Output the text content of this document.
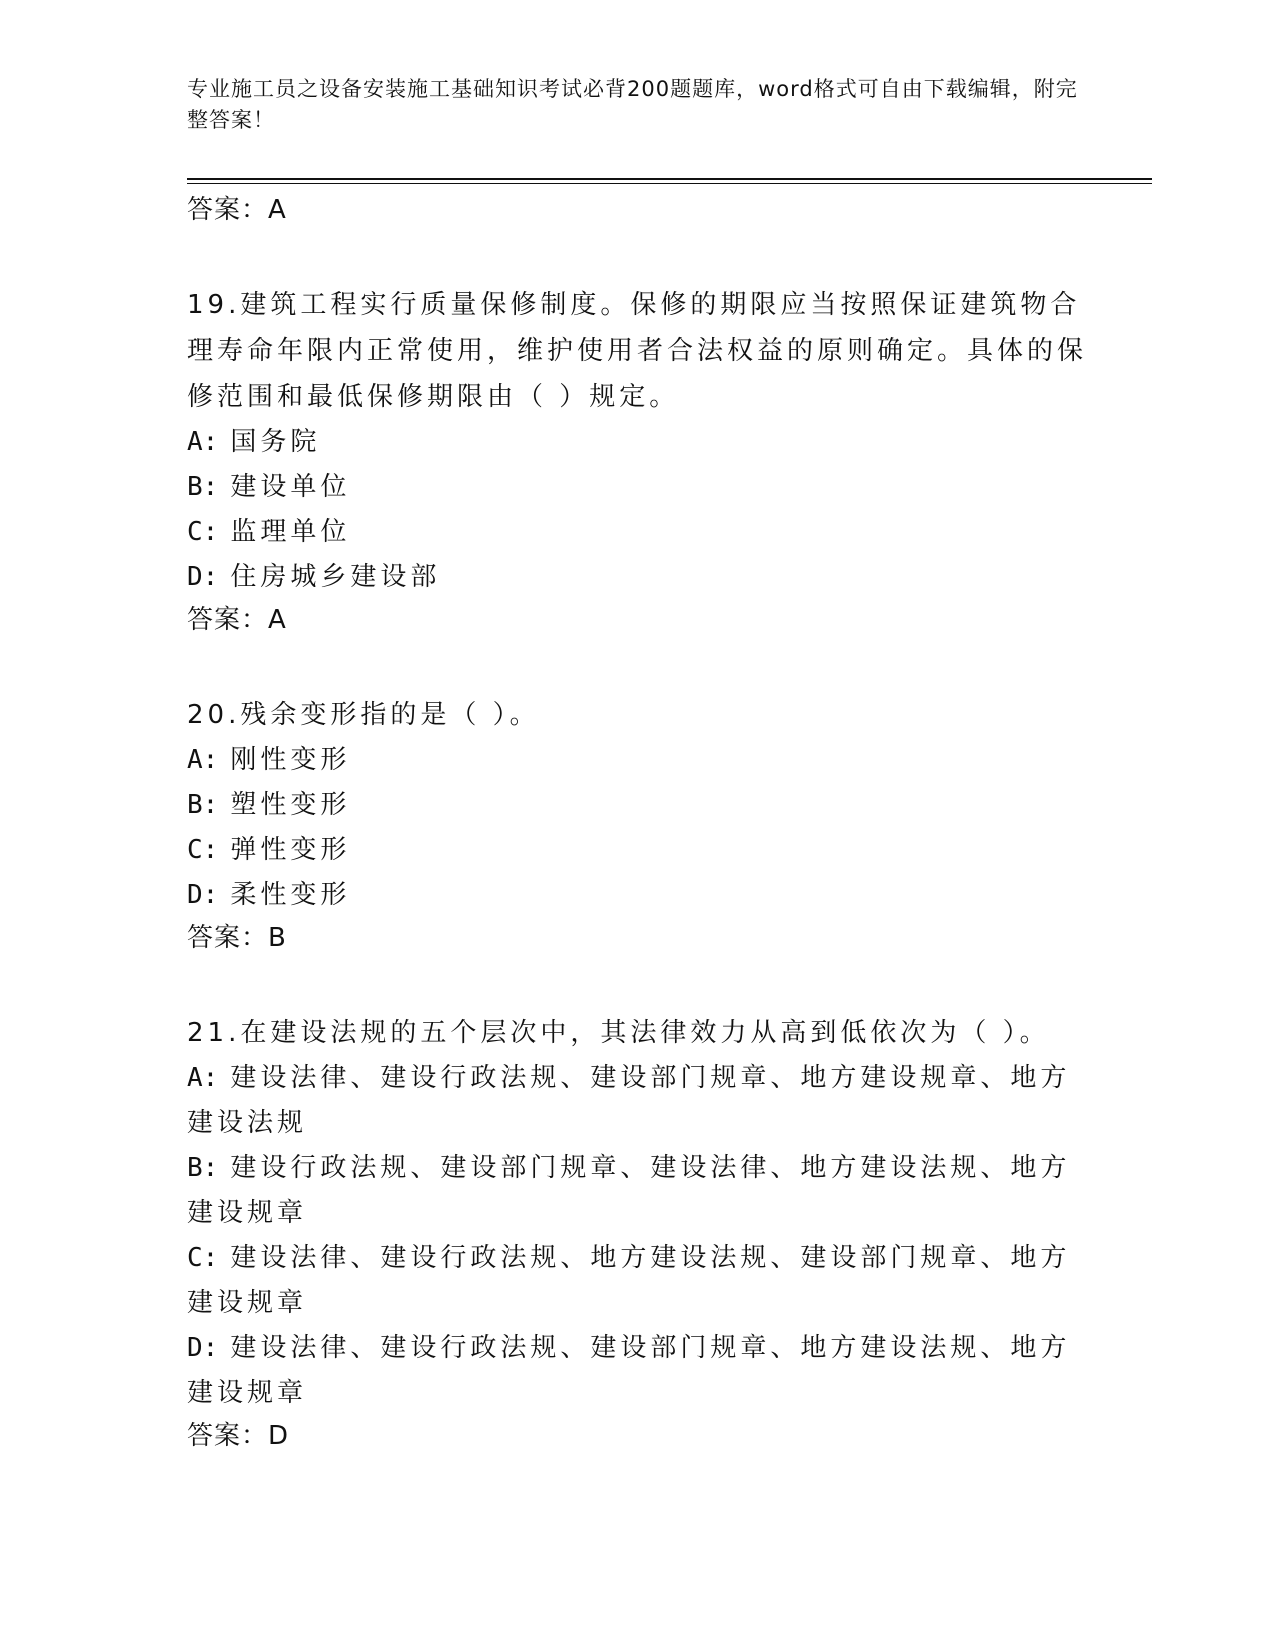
专业施工员之设备安装施工基础知识考试必背200题题库，word格式可自由下载编辑，附完整答案！
答案：A
19.建筑工程实行质量保修制度。保修的期限应当按照保证建筑物合理寿命年限内正常使用，维护使用者合法权益的原则确定。具体的保修范围和最低保修期限由（ ）规定。
A: 国务院
B: 建设单位
C: 监理单位
D: 住房城乡建设部
答案：A
20.残余变形指的是（ ）。
A: 刚性变形
B: 塑性变形
C: 弹性变形
D: 柔性变形
答案：B
21.在建设法规的五个层次中，其法律效力从高到低依次为（ ）。
A: 建设法律、建设行政法规、建设部门规章、地方建设规章、地方建设法规
B: 建设行政法规、建设部门规章、建设法律、地方建设法规、地方建设规章
C: 建设法律、建设行政法规、地方建设法规、建设部门规章、地方建设规章
D: 建设法律、建设行政法规、建设部门规章、地方建设法规、地方建设规章
答案：D
